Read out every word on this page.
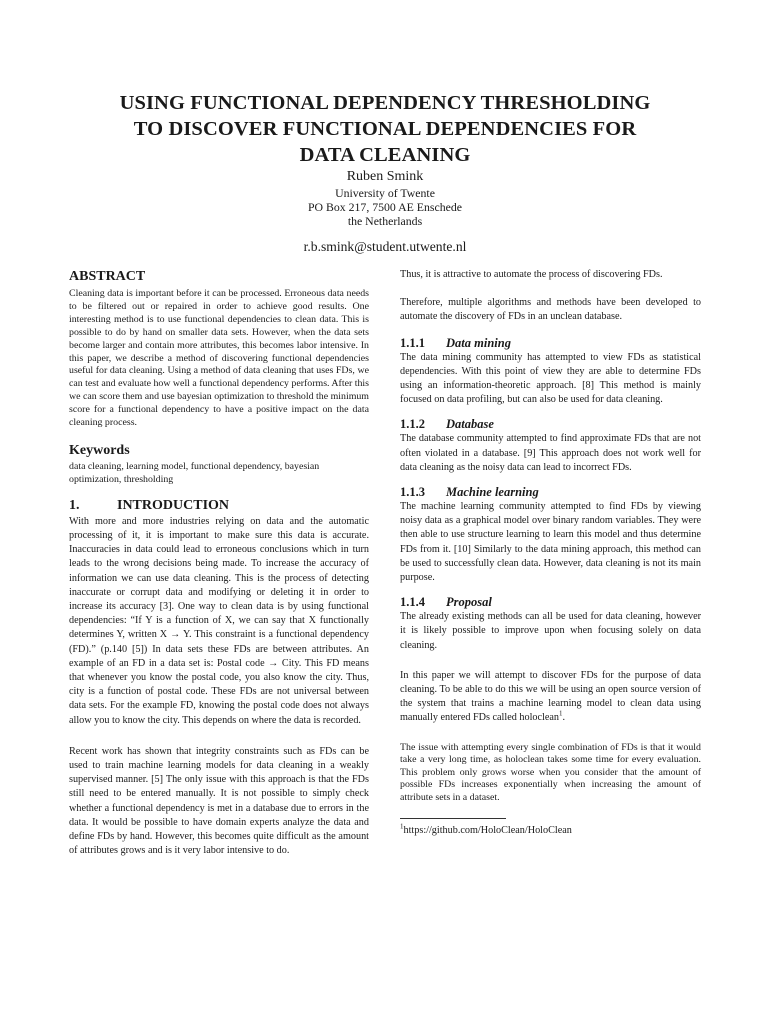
USING FUNCTIONAL DEPENDENCY THRESHOLDING
TO DISCOVER FUNCTIONAL DEPENDENCIES FOR
DATA CLEANING
Ruben Smink
University of Twente
PO Box 217, 7500 AE Enschede
the Netherlands
r.b.smink@student.utwente.nl
ABSTRACT

Cleaning data is important before it can be processed. Erroneous data needs to be filtered out or repaired in order to achieve good results. One interesting method is to use functional dependencies to clean data. This is possible to do by hand on smaller data sets. However, when the data sets become larger and contain more attributes, this becomes labor intensive. In this paper, we describe a method of discovering functional dependencies useful for data cleaning. Using a method of data cleaning that uses FDs, we can test and evaluate how well a functional dependency performs. After this we can score them and use bayesian optimization to threshold the minimum score for a functional dependency to have a positive impact on the data cleaning process.

Keywords

data cleaning, learning model, functional dependency, bayesian optimization, thresholding

1.	INTRODUCTION

With more and more industries relying on data and the automatic processing of it, it is important to make sure this data is accurate. Inaccuracies in data could lead to erroneous conclusions which in turn leads to the wrong decisions being made. To increase the accuracy of information we can use data cleaning. This is the process of detecting inaccurate or corrupt data and modifying or deleting it in order to increase its accuracy [3]. One way to clean data is by using functional dependencies: “If Y is a function of X, we can say that X functionally determines Y, written X → Y. This constraint is a functional dependency (FD).” (p.140 [5]) In data sets these FDs are between attributes. An example of an FD in a data set is: Postal code → City. This FD means that whenever you know the postal code, you also know the city. Thus, city is a function of postal code. These FDs are not universal between data sets. For the example FD, knowing the postal code does not always allow you to know the city. This depends on where the data is recorded.

Recent work has shown that integrity constraints such as FDs can be used to train machine learning models for data cleaning in a weakly supervised manner. [5] The only issue with this approach is that the FDs still need to be entered manually. It is not possible to simply check whether a functional dependency is met in a database due to errors in the data. It would be possible to have domain experts analyze the data and define FDs by hand. However, this becomes quite difficult as the amount of attributes grows and is it very labor intensive to do.

Thus, it is attractive to automate the process of discovering FDs.

Therefore, multiple algorithms and methods have been developed to automate the discovery of FDs in an unclean database.

1.1.1 Data mining

The data mining community has attempted to view FDs as statistical dependencies. With this point of view they are able to determine FDs using an information-theoretic approach. [8] This method is mainly focused on data profiling, but can also be used for data cleaning.

1.1.2 Database

The database community attempted to find approximate FDs that are not often violated in a database. [9] This approach does not work well for data cleaning as the noisy data can lead to incorrect FDs.

1.1.3 Machine learning

The machine learning community attempted to find FDs by viewing noisy data as a graphical model over binary random variables. They were then able to use structure learning to learn this model and thus determine FDs from it. [10] Similarly to the data mining approach, this method can be used to successfully clean data. However, data cleaning is not its main purpose.

1.1.4 Proposal

The already existing methods can all be used for data cleaning, however it is likely possible to improve upon when focusing solely on data cleaning.

In this paper we will attempt to discover FDs for the purpose of data cleaning. To be able to do this we will be using an open source version of the system that trains a machine learning model to clean data using manually entered FDs called holoclean$^1$.

The issue with attempting every single combination of FDs is that it would take a very long time, as holoclean takes some time for every evaluation. This problem only grows worse when you consider that the amount of possible FDs increases exponentially when increasing the amount of attribute sets in a dataset.

$^1$https://github.com/HoloClean/HoloClean
